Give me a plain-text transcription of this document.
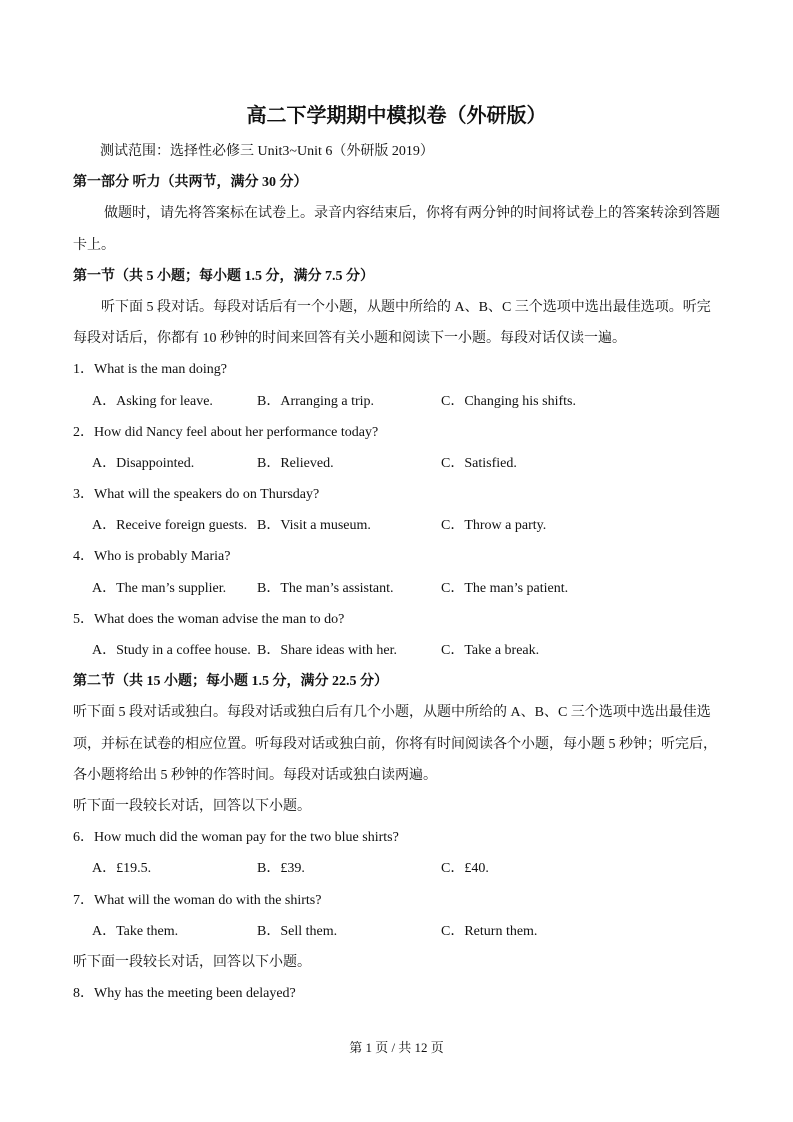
高二下学期期中模拟卷（外研版）
测试范围：选择性必修三 Unit3~Unit 6（外研版 2019）
第一部分 听力（共两节，满分 30 分）
做题时，请先将答案标在试卷上。录音内容结束后，你将有两分钟的时间将试卷上的答案转涂到答题卡上。
第一节（共 5 小题；每小题 1.5 分，满分 7.5 分）
听下面 5 段对话。每段对话后有一个小题，从题中所给的 A、B、C 三个选项中选出最佳选项。听完每段对话后，你都有 10 秒钟的时间来回答有关小题和阅读下一小题。每段对话仅读一遍。
1．What is the man doing?
A．Asking for leave.	B．Arranging a trip.	C．Changing his shifts.
2．How did Nancy feel about her performance today?
A．Disappointed.	B．Relieved.	C．Satisfied.
3．What will the speakers do on Thursday?
A．Receive foreign guests. B．Visit a museum.	C．Throw a party.
4．Who is probably Maria?
A．The man’s supplier. B．The man’s assistant.	C．The man’s patient.
5．What does the woman advise the man to do?
A．Study in a coffee house. B．Share ideas with her.	C．Take a break.
第二节（共 15 小题；每小题 1.5 分，满分 22.5 分）
听下面 5 段对话或独白。每段对话或独白后有几个小题，从题中所给的 A、B、C 三个选项中选出最佳选项，并标在试卷的相应位置。听每段对话或独白前，你将有时间阅读各个小题，每小题 5 秒钟；听完后，各小题将给出 5 秒钟的作答时间。每段对话或独白读两遍。
听下面一段较长对话，回答以下小题。
6．How much did the woman pay for the two blue shirts?
A．£19.5.	B．£39.	C．£40.
7．What will the woman do with the shirts?
A．Take them.	B．Sell them.	C．Return them.
听下面一段较长对话，回答以下小题。
8．Why has the meeting been delayed?
第 1 页 / 共 12 页
